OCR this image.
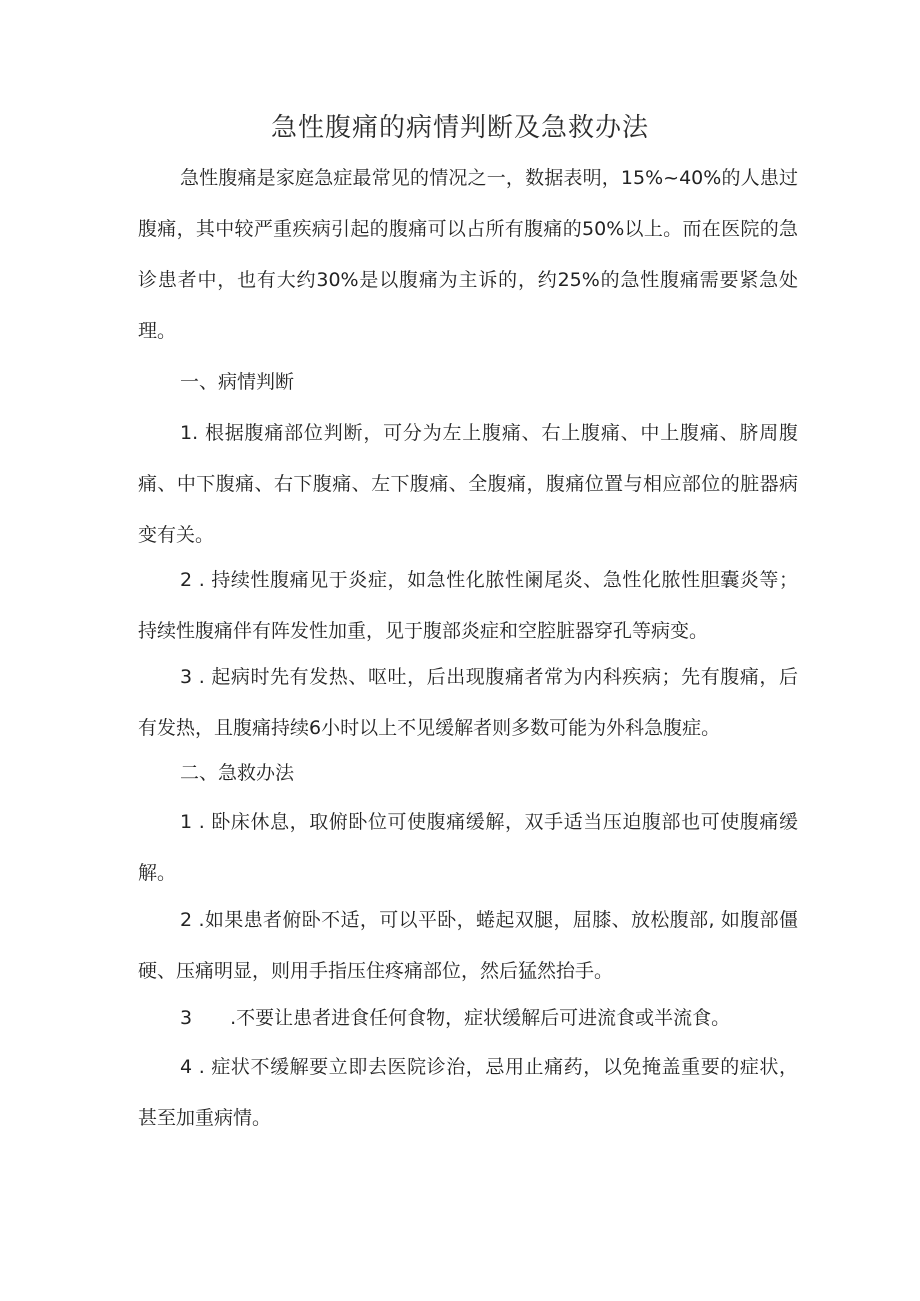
急性腹痛的病情判断及急救办法

急性腹痛是家庭急症最常见的情况之一，数据表明，15%~40%的人患过腹痛，其中较严重疾病引起的腹痛可以占所有腹痛的50%以上。而在医院的急诊患者中，也有大约30%是以腹痛为主诉的，约25%的急性腹痛需要紧急处理。

一、病情判断

1. 根据腹痛部位判断，可分为左上腹痛、右上腹痛、中上腹痛、脐周腹痛、中下腹痛、右下腹痛、左下腹痛、全腹痛，腹痛位置与相应部位的脏器病变有关。

2 . 持续性腹痛见于炎症，如急性化脓性阑尾炎、急性化脓性胆囊炎等；持续性腹痛伴有阵发性加重，见于腹部炎症和空腔脏器穿孔等病变。

3 . 起病时先有发热、呕吐，后出现腹痛者常为内科疾病；先有腹痛，后有发热，且腹痛持续6小时以上不见缓解者则多数可能为外科急腹症。

二、急救办法

1 . 卧床休息，取俯卧位可使腹痛缓解，双手适当压迫腹部也可使腹痛缓解。

2 .如果患者俯卧不适，可以平卧，蜷起双腿，屈膝、放松腹部, 如腹部僵硬、压痛明显，则用手指压住疼痛部位，然后猛然抬手。

3　　.不要让患者进食任何食物，症状缓解后可进流食或半流食。

4 . 症状不缓解要立即去医院诊治，忌用止痛药，以免掩盖重要的症状，甚至加重病情。
